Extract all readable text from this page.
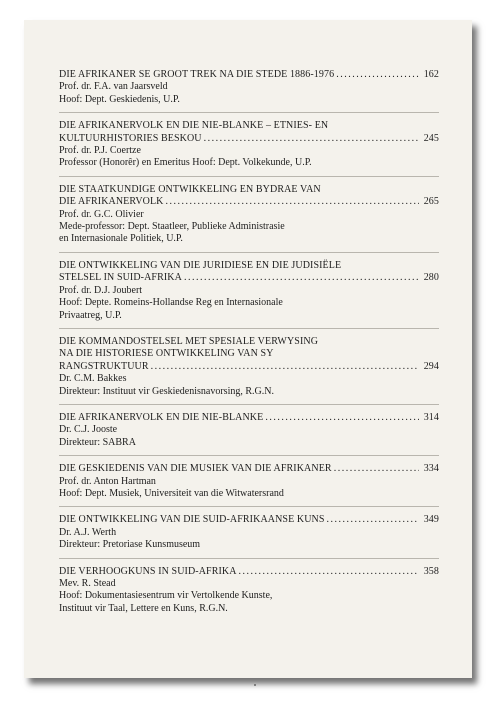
DIE AFRIKANER SE GROOT TREK NA DIE STEDE 1886-1976 .....	162
Prof. dr. F.A. van Jaarsveld
Hoof: Dept. Geskiedenis, U.P.
DIE AFRIKANERVOLK EN DIE NIE-BLANKE – ETNIES- EN
KULTUURHISTORIES BESKOU .....	245
Prof. dr. P.J. Coertze
Professor (Honorêr) en Emeritus Hoof: Dept. Volkekunde, U.P.
DIE STAATKUNDIGE ONTWIKKELING EN BYDRAE VAN
DIE AFRIKANERVOLK .....	265
Prof. dr. G.C. Olivier
Mede-professor: Dept. Staatleer, Publieke Administrasie
en Internasionale Politiek, U.P.
DIE ONTWIKKELING VAN DIE JURIDIESE EN DIE JUDISIËLE
STELSEL IN SUID-AFRIKA .....	280
Prof. dr. D.J. Joubert
Hoof: Depte. Romeins-Hollandse Reg en Internasionale
Privaatreg, U.P.
DIE KOMMANDOSTELSEL MET SPESIALE VERWYSING
NA DIE HISTORIESE ONTWIKKELING VAN SY
RANGSTRUKTUUR .....	294
Dr. C.M. Bakkes
Direkteur: Instituut vir Geskiedenisnavorsing, R.G.N.
DIE AFRIKANERVOLK EN DIE NIE-BLANKE .....	314
Dr. C.J. Jooste
Direkteur: SABRA
DIE GESKIEDENIS VAN DIE MUSIEK VAN DIE AFRIKANER .....	334
Prof. dr. Anton Hartman
Hoof: Dept. Musiek, Universiteit van die Witwatersrand
DIE ONTWIKKELING VAN DIE SUID-AFRIKAANSE KUNS .....	349
Dr. A.J. Werth
Direkteur: Pretoriase Kunsmuseum
DIE VERHOOGKUNS IN SUID-AFRIKA .....	358
Mev. R. Stead
Hoof: Dokumentasiesentrum vir Vertolkende Kunste,
Instituut vir Taal, Lettere en Kuns, R.G.N.
